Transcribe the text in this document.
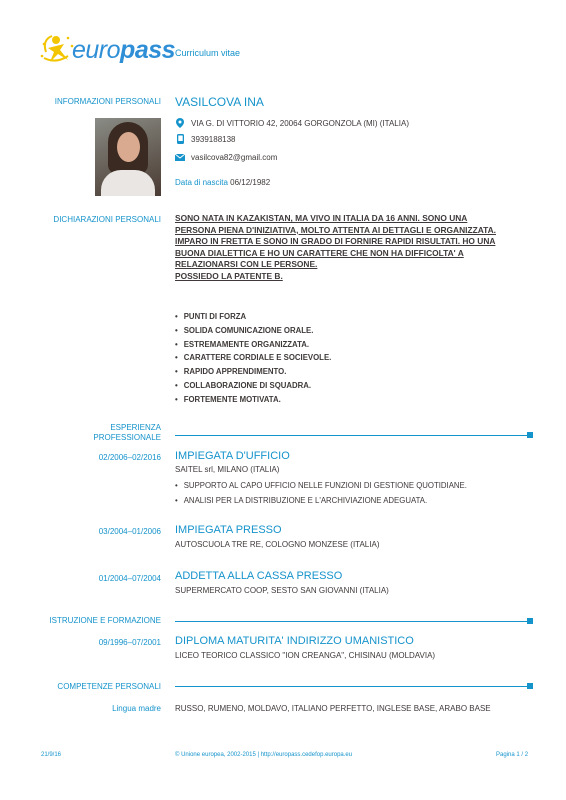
europass Curriculum vitae
INFORMAZIONI PERSONALI VASILCOVA INA
VIA G. DI VITTORIO 42, 20064 GORGONZOLA (MI) (ITALIA)
3939188138
vasilcova82@gmail.com
Data di nascita 06/12/1982
DICHIARAZIONI PERSONALI SONO NATA IN KAZAKISTAN, MA VIVO IN ITALIA DA 16 ANNI. SONO UNA
PERSONA PIENA D'INIZIATIVA, MOLTO ATTENTA AI DETTAGLI E ORGANIZZATA.
IMPARO IN FRETTA E SONO IN GRADO DI FORNIRE RAPIDI RISULTATI. HO UNA
BUONA DIALETTICA E HO UN CARATTERE CHE NON HA DIFFICOLTA' A
RELAZIONARSI CON LE PERSONE.
POSSIEDO LA PATENTE B.
• PUNTI DI FORZA
• SOLIDA COMUNICAZIONE ORALE.
• ESTREMAMENTE ORGANIZZATA.
• CARATTERE CORDIALE E SOCIEVOLE.
• RAPIDO APPRENDIMENTO.
• COLLABORAZIONE DI SQUADRA.
• FORTEMENTE MOTIVATA.
ESPERIENZA
PROFESSIONALE
02/2006–02/2016 IMPIEGATA D'UFFICIO
SAITEL srl, MILANO (ITALIA)
• SUPPORTO AL CAPO UFFICIO NELLE FUNZIONI DI GESTIONE QUOTIDIANE.
• ANALISI PER LA DISTRIBUZIONE E L'ARCHIVIAZIONE ADEGUATA.
03/2004–01/2006 IMPIEGATA PRESSO
AUTOSCUOLA TRE RE, COLOGNO MONZESE (ITALIA)
01/2004–07/2004 ADDETTA ALLA CASSA PRESSO
SUPERMERCATO COOP, SESTO SAN GIOVANNI (ITALIA)
ISTRUZIONE E FORMAZIONE
09/1996–07/2001 DIPLOMA MATURITA' INDIRIZZO UMANISTICO
LICEO TEORICO CLASSICO "ION CREANGA", CHISINAU (MOLDAVIA)
COMPETENZE PERSONALI
Lingua madre RUSSO, RUMENO, MOLDAVO, ITALIANO PERFETTO, INGLESE BASE, ARABO BASE
21/9/16	© Unione europea, 2002-2015 | http://europass.cedefop.europa.eu	Pagina 1 / 2
